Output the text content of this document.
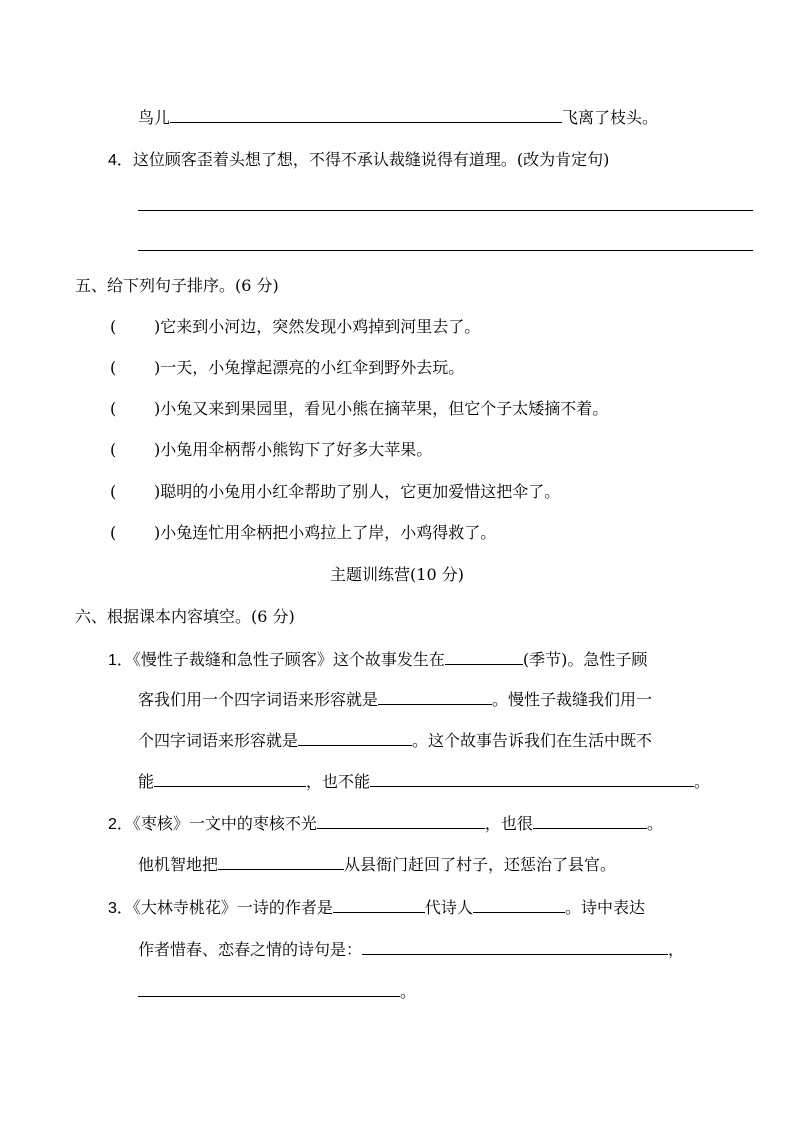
鸟儿	飞离了枝头。
4．这位顾客歪着头想了想，不得不承认裁缝说得有道理。(改为肯定句)
五、给下列句子排序。(6 分)
( )它来到小河边，突然发现小鸡掉到河里去了。
( )一天，小兔撑起漂亮的小红伞到野外去玩。
( )小兔又来到果园里，看见小熊在摘苹果，但它个子太矮摘不着。
( )小兔用伞柄帮小熊钩下了好多大苹果。
( )聪明的小兔用小红伞帮助了别人，它更加爱惜这把伞了。
( )小兔连忙用伞柄把小鸡拉上了岸，小鸡得救了。
主题训练营(10 分)
六、根据课本内容填空。(6 分)
1．《慢性子裁缝和急性子顾客》这个故事发生在	(季节)。急性子顾
客我们用一个四字词语来形容就是	。慢性子裁缝我们用一
个四字词语来形容就是	。这个故事告诉我们在生活中既不
能	，也不能	。
2．《枣核》一文中的枣核不光	，也很	。
他机智地把	从县衙门赶回了村子，还惩治了县官。
3．《大林寺桃花》一诗的作者是	代诗人	。诗中表达
作者惜春、恋春之情的诗句是：	，
。
